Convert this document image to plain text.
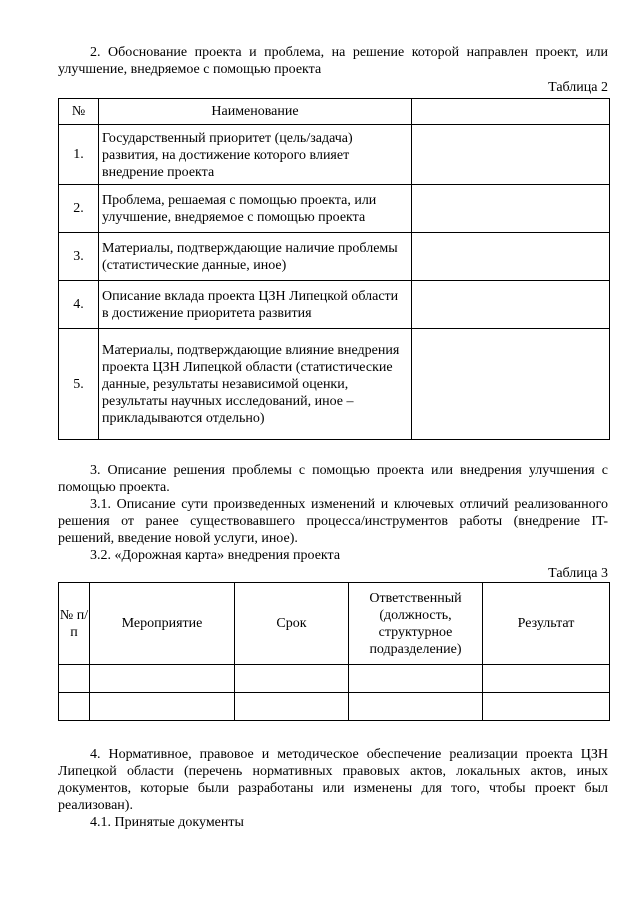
2. Обоснование проекта и проблема, на решение которой направлен проект, или улучшение, внедряемое с помощью проекта

Таблица 2

№	Наименование	
1.	Государственный приоритет (цель/задача) развития, на достижение которого влияет внедрение проекта	
2.	Проблема, решаемая с помощью проекта, или улучшение, внедряемое с помощью проекта	
3.	Материалы, подтверждающие наличие проблемы (статистические данные, иное)	
4.	Описание вклада проекта ЦЗН Липецкой области в достижение приоритета развития	
5.	Материалы, подтверждающие влияние внедрения проекта ЦЗН Липецкой области (статистические данные, результаты независимой оценки, результаты научных исследований, иное – прикладываются отдельно)	

3. Описание решения проблемы с помощью проекта или внедрения улучшения с помощью проекта.

3.1. Описание сути произведенных изменений и ключевых отличий реализованного решения от ранее существовавшего процесса/инструментов работы (внедрение IT-решений, введение новой услуги, иное).

3.2. «Дорожная карта» внедрения проекта

Таблица 3

№ п/п	Мероприятие	Срок	Ответственный (должность, структурное подразделение)	Результат

4. Нормативное, правовое и методическое обеспечение реализации проекта ЦЗН Липецкой области (перечень нормативных правовых актов, локальных актов, иных документов, которые были разработаны или изменены для того, чтобы проект был реализован).

4.1. Принятые документы
